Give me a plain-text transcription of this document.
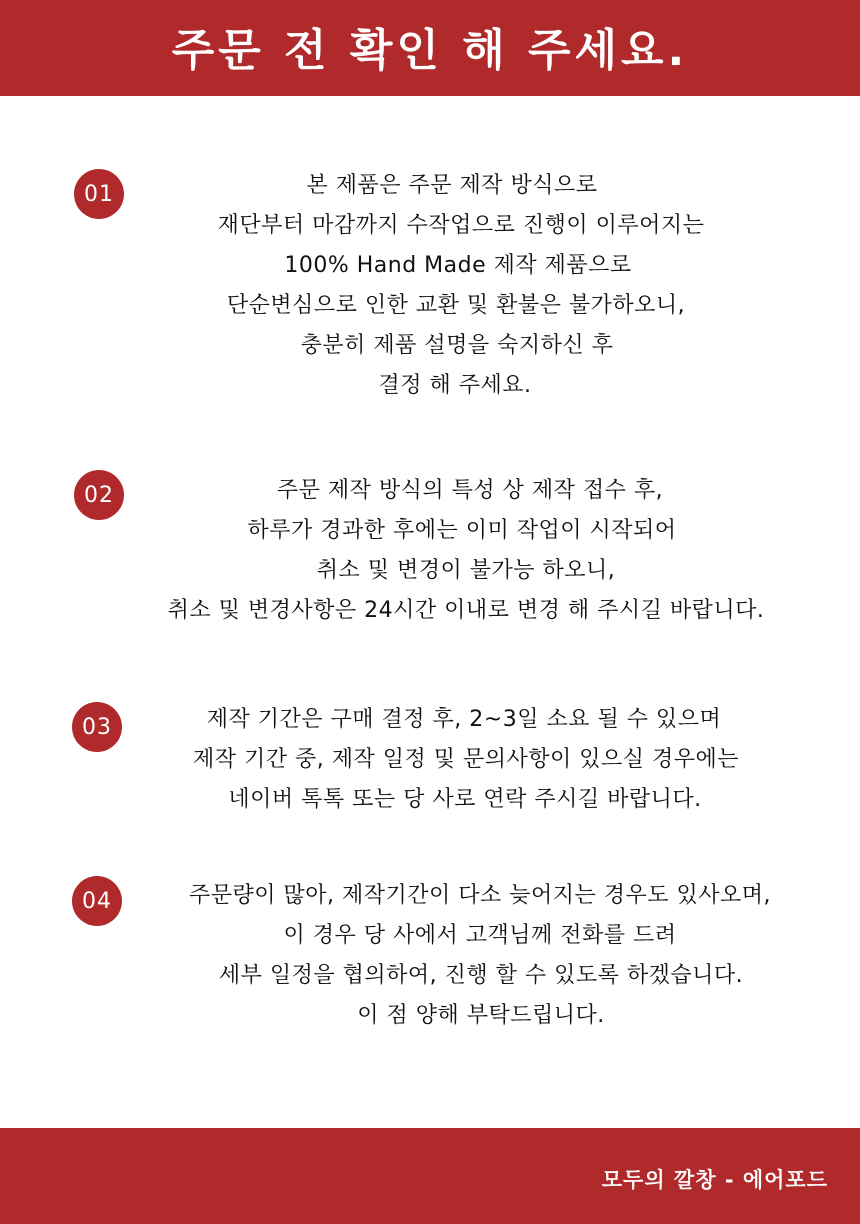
주문 전 확인 해 주세요.
01	본 제품은 주문 제작 방식으로
재단부터 마감까지 수작업으로 진행이 이루어지는
100% Hand Made 제작 제품으로
단순변심으로 인한 교환 및 환불은 불가하오니,
충분히 제품 설명을 숙지하신 후
결정 해 주세요.
02	주문 제작 방식의 특성 상 제작 접수 후,
하루가 경과한 후에는 이미 작업이 시작되어
취소 및 변경이 불가능 하오니,
취소 및 변경사항은 24시간 이내로 변경 해 주시길 바랍니다.
03	제작 기간은 구매 결정 후, 2~3일 소요 될 수 있으며
제작 기간 중, 제작 일정 및 문의사항이 있으실 경우에는
네이버 톡톡 또는 당 사로 연락 주시길 바랍니다.
04	주문량이 많아, 제작기간이 다소 늦어지는 경우도 있사오며,
이 경우 당 사에서 고객님께 전화를 드려
세부 일정을 협의하여, 진행 할 수 있도록 하겠습니다.
이 점 양해 부탁드립니다.
모두의 깔창 - 에어포드
